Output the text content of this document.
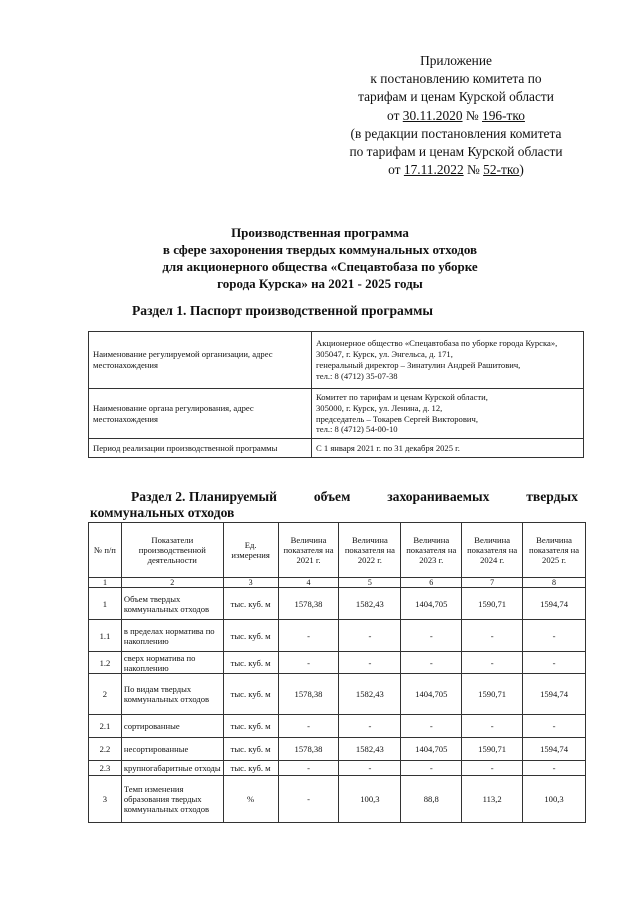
Приложение
к постановлению комитета по
тарифам и ценам Курской области
от 30.11.2020 № 196-тко
(в редакции постановления комитета
по тарифам и ценам Курской области
от 17.11.2022 № 52-тко)
Производственная программа
в сфере захоронения твердых коммунальных отходов
для акционерного общества «Спецавтобаза по уборке
города Курска» на 2021 - 2025 годы
Раздел 1. Паспорт производственной программы
Наименование регулируемой организации, адрес местонахождения	Акционерное общество «Спецавтобаза по уборке города Курска»,
305047, г. Курск, ул. Энгельса, д. 171,
генеральный директор – Зинатулин Андрей Рашитович,
тел.: 8 (4712) 35-07-38

Наименование органа регулирования, адрес местонахождения	Комитет по тарифам и ценам Курской области,
305000, г. Курск, ул. Ленина, д. 12,
председатель – Токарев Сергей Викторович,
тел.: 8 (4712) 54-00-10

Период реализации производственной программы	С 1 января 2021 г. по 31 декабря 2025 г.
Раздел 2. Планируемый	объем	захораниваемых	твердых
коммунальных отходов
№ п/п	Показатели производственной деятельности	Ед. измерения	Величина показателя на 2021 г.	Величина показателя на 2022 г.	Величина показателя на 2023 г.	Величина показателя на 2024 г.	Величина показателя на 2025 г.
1	2	3	4	5	6	7	8
1	Объем твердых коммунальных отходов	тыс. куб. м	1578,38	1582,43	1404,705	1590,71	1594,74
1.1	в пределах норматива по накоплению	тыс. куб. м	-	-	-	-	-
1.2	сверх норматива по накоплению	тыс. куб. м	-	-	-	-	-
2	По видам твердых коммунальных отходов	тыс. куб. м	1578,38	1582,43	1404,705	1590,71	1594,74
2.1	сортированные	тыс. куб. м	-	-	-	-	-
2.2	несортированные	тыс. куб. м	1578,38	1582,43	1404,705	1590,71	1594,74
2.3	крупногабаритные отходы	тыс. куб. м	-	-	-	-	-
3	Темп изменения образования твердых коммунальных отходов	%	-	100,3	88,8	113,2	100,3
